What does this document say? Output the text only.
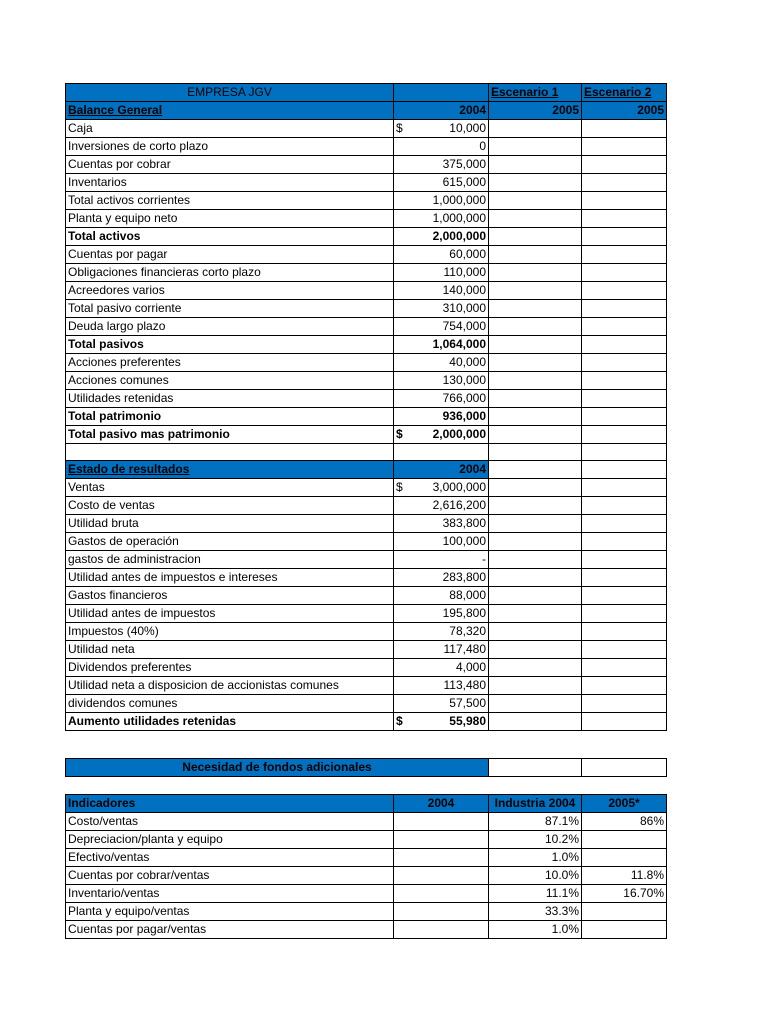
EMPRESA JGV		Escenario 1	Escenario 2
Balance General	2004	2005	2005
Caja	$ 10,000		
Inversiones de corto plazo	0		
Cuentas por cobrar	375,000		
Inventarios	615,000		
Total activos corrientes	1,000,000		
Planta y equipo neto	1,000,000		
Total activos	2,000,000		
Cuentas por pagar	60,000		
Obligaciones financieras corto plazo	110,000		
Acreedores varios	140,000		
Total pasivo corriente	310,000		
Deuda largo plazo	754,000		
Total pasivos	1,064,000		
Acciones preferentes	40,000		
Acciones comunes	130,000		
Utilidades retenidas	766,000		
Total patrimonio	936,000		
Total pasivo mas patrimonio	$ 2,000,000		

Estado de resultados	2004		
Ventas	$ 3,000,000		
Costo de ventas	2,616,200		
Utilidad bruta	383,800		
Gastos de operación	100,000		
gastos de administracion	-		
Utilidad antes de impuestos e intereses	283,800		
Gastos financieros	88,000		
Utilidad antes de impuestos	195,800		
Impuestos (40%)	78,320		
Utilidad neta	117,480		
Dividendos preferentes	4,000		
Utilidad neta a disposicion de accionistas comunes	113,480		
dividendos comunes	57,500		
Aumento utilidades retenidas	$ 55,980		
Necesidad de fondos adicionales		
Indicadores	2004	Industria 2004	2005*
Costo/ventas		87.1%	86%
Depreciacion/planta y equipo		10.2%	
Efectivo/ventas		1.0%	
Cuentas por cobrar/ventas		10.0%	11.8%
Inventario/ventas		11.1%	16.70%
Planta y equipo/ventas		33.3%	
Cuentas por pagar/ventas		1.0%	
